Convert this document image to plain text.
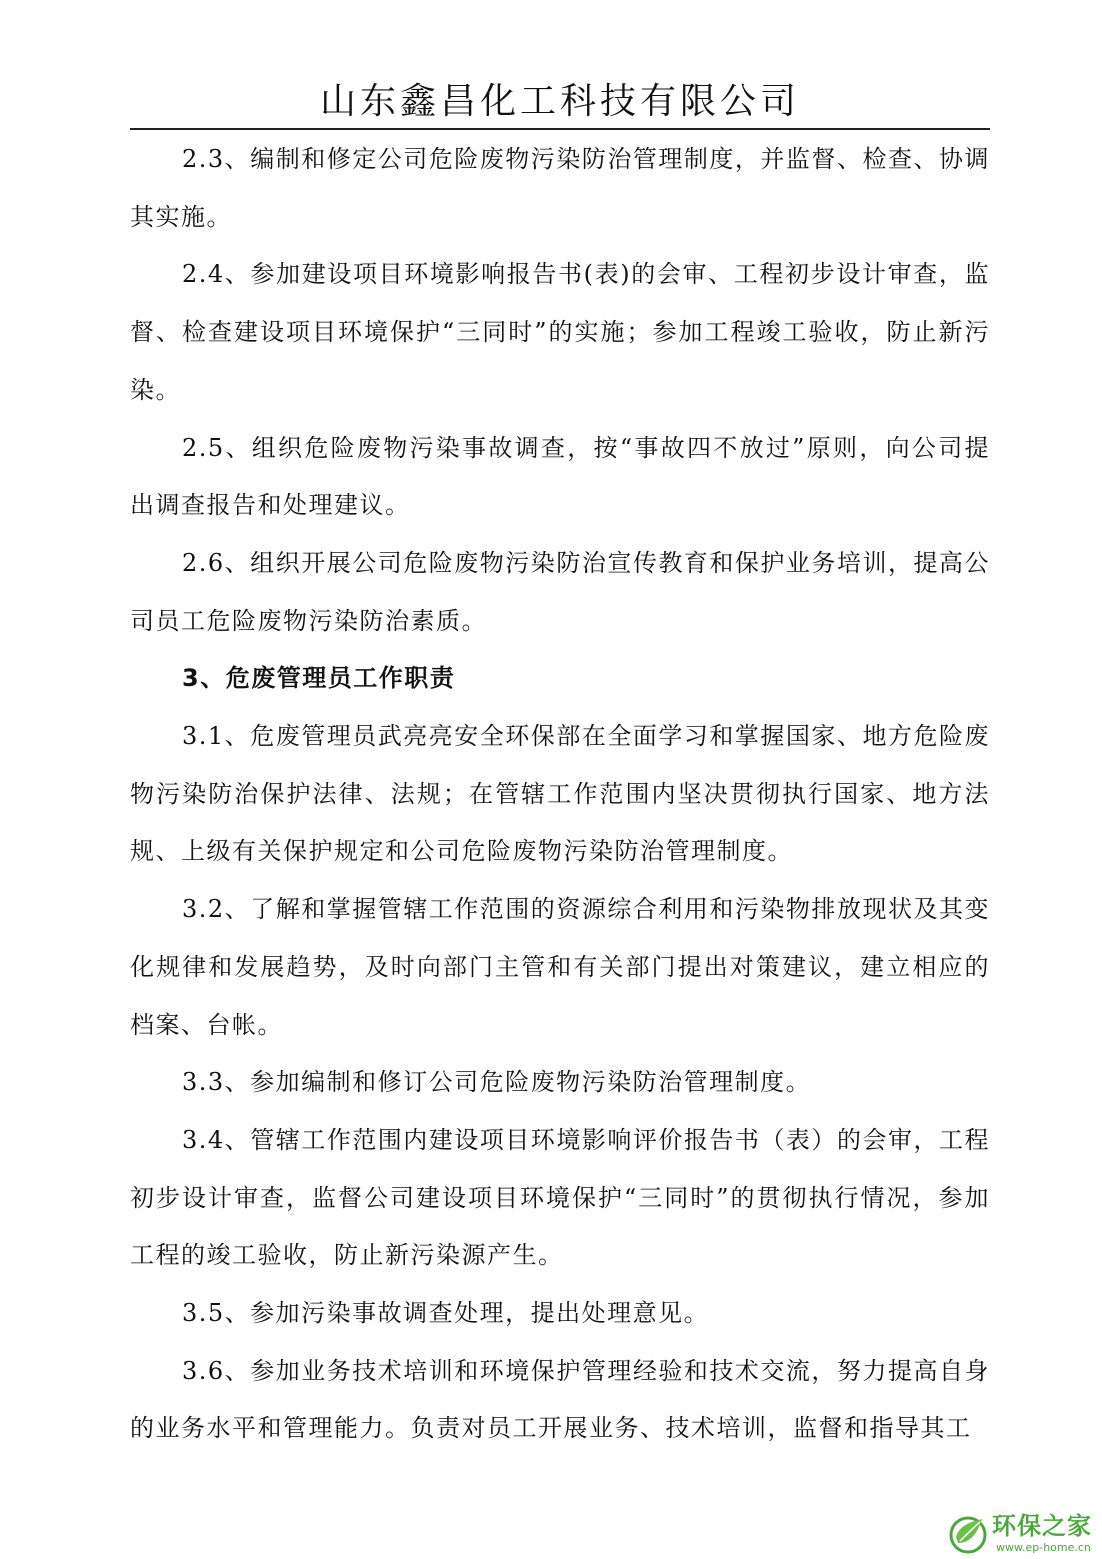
山东鑫昌化工科技有限公司

2.3、编制和修定公司危险废物污染防治管理制度，并监督、检查、协调其实施。

2.4、参加建设项目环境影响报告书(表)的会审、工程初步设计审查，监督、检查建设项目环境保护“三同时”的实施；参加工程竣工验收，防止新污染。

2.5、组织危险废物污染事故调查，按“事故四不放过”原则，向公司提出调查报告和处理建议。

2.6、组织开展公司危险废物污染防治宣传教育和保护业务培训，提高公司员工危险废物污染防治素质。

3、危废管理员工作职责

3.1、危废管理员武亮亮安全环保部在全面学习和掌握国家、地方危险废物污染防治保护法律、法规；在管辖工作范围内坚决贯彻执行国家、地方法规、上级有关保护规定和公司危险废物污染防治管理制度。

3.2、了解和掌握管辖工作范围的资源综合利用和污染物排放现状及其变化规律和发展趋势，及时向部门主管和有关部门提出对策建议，建立相应的档案、台帐。

3.3、参加编制和修订公司危险废物污染防治管理制度。

3.4、管辖工作范围内建设项目环境影响评价报告书（表）的会审，工程初步设计审查，监督公司建设项目环境保护“三同时”的贯彻执行情况，参加工程的竣工验收，防止新污染源产生。

3.5、参加污染事故调查处理，提出处理意见。

3.6、参加业务技术培训和环境保护管理经验和技术交流，努力提高自身的业务水平和管理能力。负责对员工开展业务、技术培训，监督和指导其工

环保之家
www.ep-home.cn
